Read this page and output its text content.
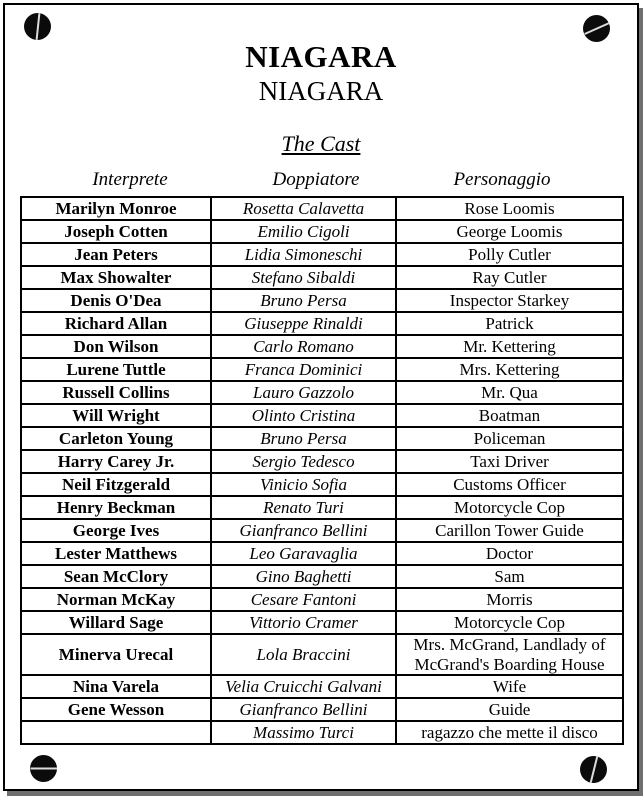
NIAGARA
NIAGARA
The Cast
Interprete	Doppiatore	Personaggio
Marilyn Monroe	Rosetta Calavetta	Rose Loomis
Joseph Cotten	Emilio Cigoli	George Loomis
Jean Peters	Lidia Simoneschi	Polly Cutler
Max Showalter	Stefano Sibaldi	Ray Cutler
Denis O'Dea	Bruno Persa	Inspector Starkey
Richard Allan	Giuseppe Rinaldi	Patrick
Don Wilson	Carlo Romano	Mr. Kettering
Lurene Tuttle	Franca Dominici	Mrs. Kettering
Russell Collins	Lauro Gazzolo	Mr. Qua
Will Wright	Olinto Cristina	Boatman
Carleton Young	Bruno Persa	Policeman
Harry Carey Jr.	Sergio Tedesco	Taxi Driver
Neil Fitzgerald	Vinicio Sofia	Customs Officer
Henry Beckman	Renato Turi	Motorcycle Cop
George Ives	Gianfranco Bellini	Carillon Tower Guide
Lester Matthews	Leo Garavaglia	Doctor
Sean McClory	Gino Baghetti	Sam
Norman McKay	Cesare Fantoni	Morris
Willard Sage	Vittorio Cramer	Motorcycle Cop
Minerva Urecal	Lola Braccini	Mrs. McGrand, Landlady of McGrand's Boarding House
Nina Varela	Velia Cruicchi Galvani	Wife
Gene Wesson	Gianfranco Bellini	Guide
	Massimo Turci	ragazzo che mette il disco
